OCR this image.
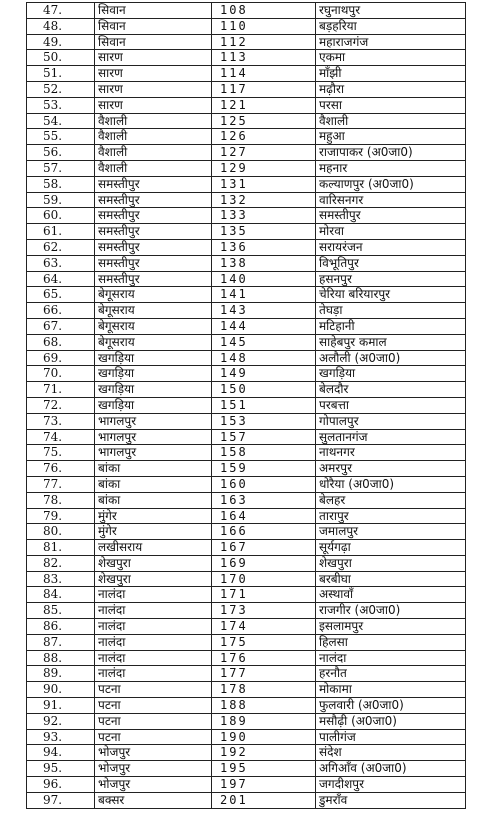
47.	सिवान	108	रघुनाथपुर
48.	सिवान	110	बड़हरिया
49.	सिवान	112	महाराजगंज
50.	सारण	113	एकमा
51.	सारण	114	माँझी
52.	सारण	117	मढ़ौरा
53.	सारण	121	परसा
54.	वैशाली	125	वैशाली
55.	वैशाली	126	महुआ
56.	वैशाली	127	राजापाकर (अ0जा0)
57.	वैशाली	129	महनार
58.	समस्तीपुर	131	कल्याणपुर (अ0जा0)
59.	समस्तीपुर	132	वारिसनगर
60.	समस्तीपुर	133	समस्तीपुर
61.	समस्तीपुर	135	मोरवा
62.	समस्तीपुर	136	सरायरंजन
63.	समस्तीपुर	138	विभूतिपुर
64.	समस्तीपुर	140	हसनपुर
65.	बेगूसराय	141	चेरिया बरियारपुर
66.	बेगूसराय	143	तेघड़ा
67.	बेगूसराय	144	मटिहानी
68.	बेगूसराय	145	साहेबपुर कमाल
69.	खगड़िया	148	अलौली (अ0जा0)
70.	खगड़िया	149	खगड़िया
71.	खगड़िया	150	बेलदौर
72.	खगड़िया	151	परबत्ता
73.	भागलपुर	153	गोपालपुर
74.	भागलपुर	157	सुलतानगंज
75.	भागलपुर	158	नाथनगर
76.	बांका	159	अमरपुर
77.	बांका	160	धोरैया (अ0जा0)
78.	बांका	163	बेलहर
79.	मुंगेर	164	तारापुर
80.	मुंगेर	166	जमालपुर
81.	लखीसराय	167	सूर्यगढ़ा
82.	शेखपुरा	169	शेखपुरा
83.	शेखपुरा	170	बरबीघा
84.	नालंदा	171	अस्थावाँ
85.	नालंदा	173	राजगीर (अ0जा0)
86.	नालंदा	174	इसलामपुर
87.	नालंदा	175	हिलसा
88.	नालंदा	176	नालंदा
89.	नालंदा	177	हरनौत
90.	पटना	178	मोकामा
91.	पटना	188	फुलवारी (अ0जा0)
92.	पटना	189	मसौढ़ी (अ0जा0)
93.	पटना	190	पालीगंज
94.	भोजपुर	192	संदेश
95.	भोजपुर	195	अगिआँव (अ0जा0)
96.	भोजपुर	197	जगदीशपुर
97.	बक्सर	201	डुमराँव
